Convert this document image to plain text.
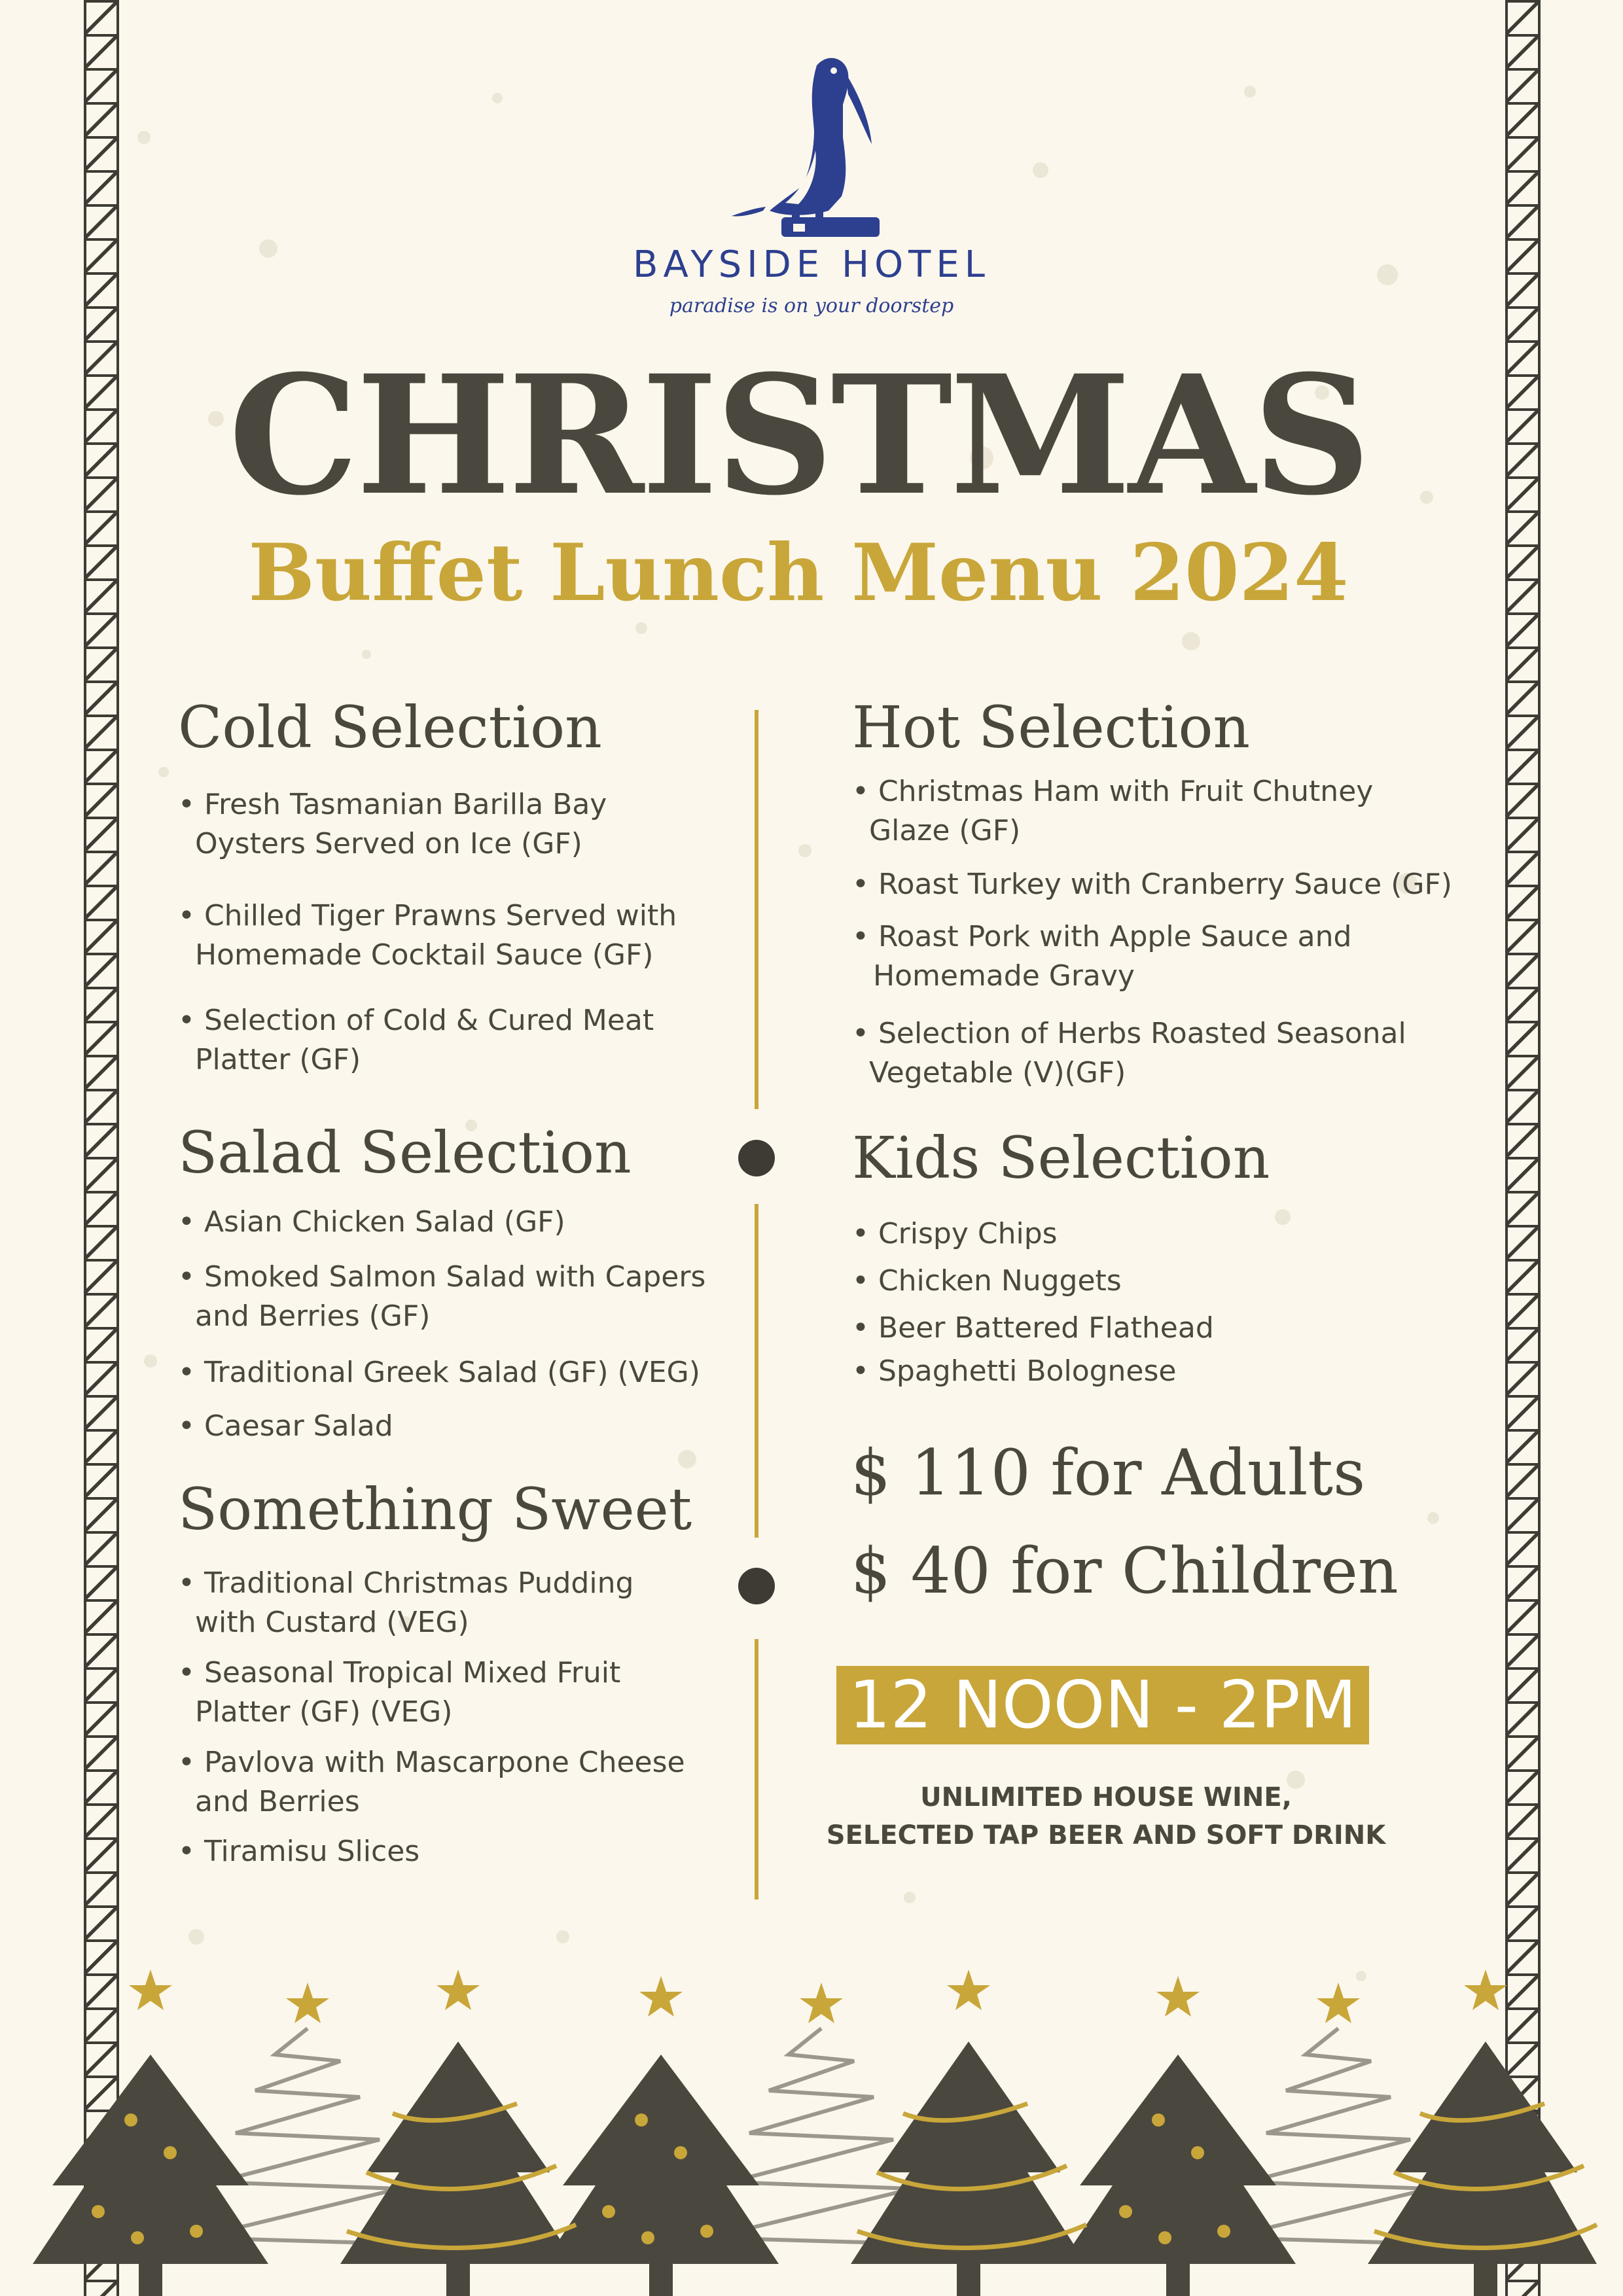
BAYSIDE HOTEL
paradise is on your doorstep
CHRISTMAS
Buffet Lunch Menu 2024
Cold Selection
• Fresh Tasmanian Barilla Bay
Oysters Served on Ice (GF)
• Chilled Tiger Prawns Served with
Homemade Cocktail Sauce (GF)
• Selection of Cold & Cured Meat
Platter (GF)
Salad Selection
• Asian Chicken Salad (GF)
• Smoked Salmon Salad with Capers
and Berries (GF)
• Traditional Greek Salad (GF) (VEG)
• Caesar Salad
Something Sweet
• Traditional Christmas Pudding
with Custard (VEG)
• Seasonal Tropical Mixed Fruit
Platter (GF) (VEG)
• Pavlova with Mascarpone Cheese
and Berries
• Tiramisu Slices
Hot Selection
• Christmas Ham with Fruit Chutney
Glaze (GF)
• Roast Turkey with Cranberry Sauce (GF)
• Roast Pork with Apple Sauce and
Homemade Gravy
• Selection of Herbs Roasted Seasonal
Vegetable (V)(GF)
Kids Selection
• Crispy Chips
• Chicken Nuggets
• Beer Battered Flathead
• Spaghetti Bolognese
$ 110 for Adults
$ 40 for Children
12 NOON - 2PM
UNLIMITED HOUSE WINE,
SELECTED TAP BEER AND SOFT DRINK
